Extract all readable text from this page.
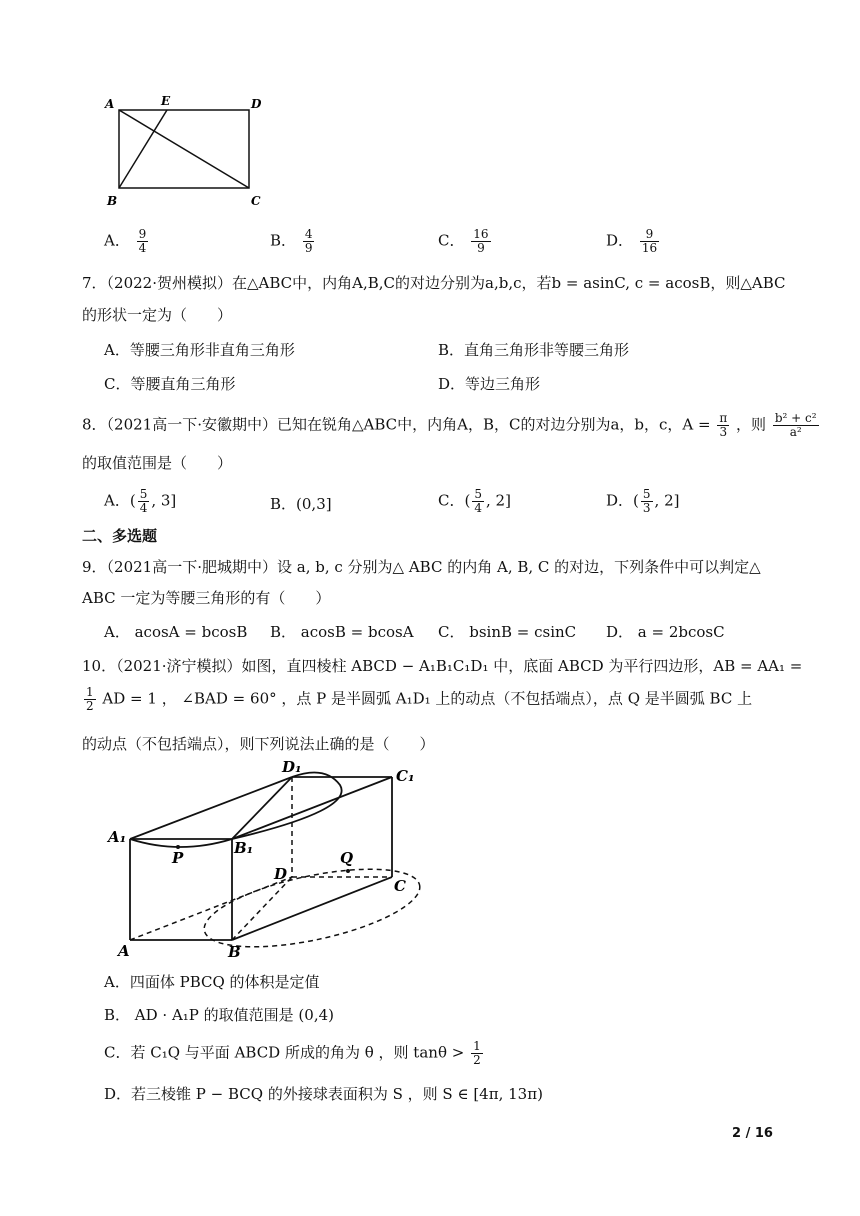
A	E	D
B	C
A． $\frac{9}{4}$	B． $\frac{4}{9}$	C． $\frac{16}{9}$	D． $\frac{9}{16}$
7．（2022·贺州模拟）在△ABC中，内角A,B,C的对边分别为a,b,c，若b = asinC, c = acosB，则△ABC
的形状一定为（　　）
A．等腰三角形非直角三角形	B．直角三角形非等腰三角形
C．等腰直角三角形	D．等边三角形
8．（2021高一下·安徽期中）已知在锐角△ABC中，内角A，B，C的对边分别为a，b，c，$A = \frac{\pi}{3}$ ，则 $\frac{\text{b² + c²}}{\text{a²}}$
的取值范围是（　　）
A．( $\frac{5}{4}$ , 3]	B．(0,3]	C．( $\frac{5}{4}$ , 2]	D．( $\frac{5}{3}$ , 2]
二、多选题
9．（2021高一下·肥城期中）设 a, b, c 分别为△ ABC 的内角 A, B, C 的对边，下列条件中可以判定△
ABC 一定为等腰三角形的有（　　）
A． acosA = bcosB B． acosB = bcosA C． bsinB = csinC D． a = 2bcosC
10．（2021·济宁模拟）如图，直四棱柱 ABCD − A₁B₁C₁D₁ 中，底面 ABCD 为平行四边形，AB = AA₁ =
$\frac{1}{2}$ AD = 1 ， ∠BAD = 60° ，点 P 是半圆弧 A₁D₁ 上的动点（不包括端点），点 Q 是半圆弧 BC 上
的动点（不包括端点），则下列说法止确的是（　　）
D₁	C₁
A₁
B₁
P	Q
D
C
A	B
A．四面体 PBCQ 的体积是定值
B． AD · A₁P 的取值范围是 (0,4)
C．若 C₁Q 与平面 ABCD 所成的角为 θ ，则 $\tan\theta > \frac{1}{2}$
D．若三棱锥 P − BCQ 的外接球表面积为 S ，则 S ∈ [4π, 13π)
2 / 16
